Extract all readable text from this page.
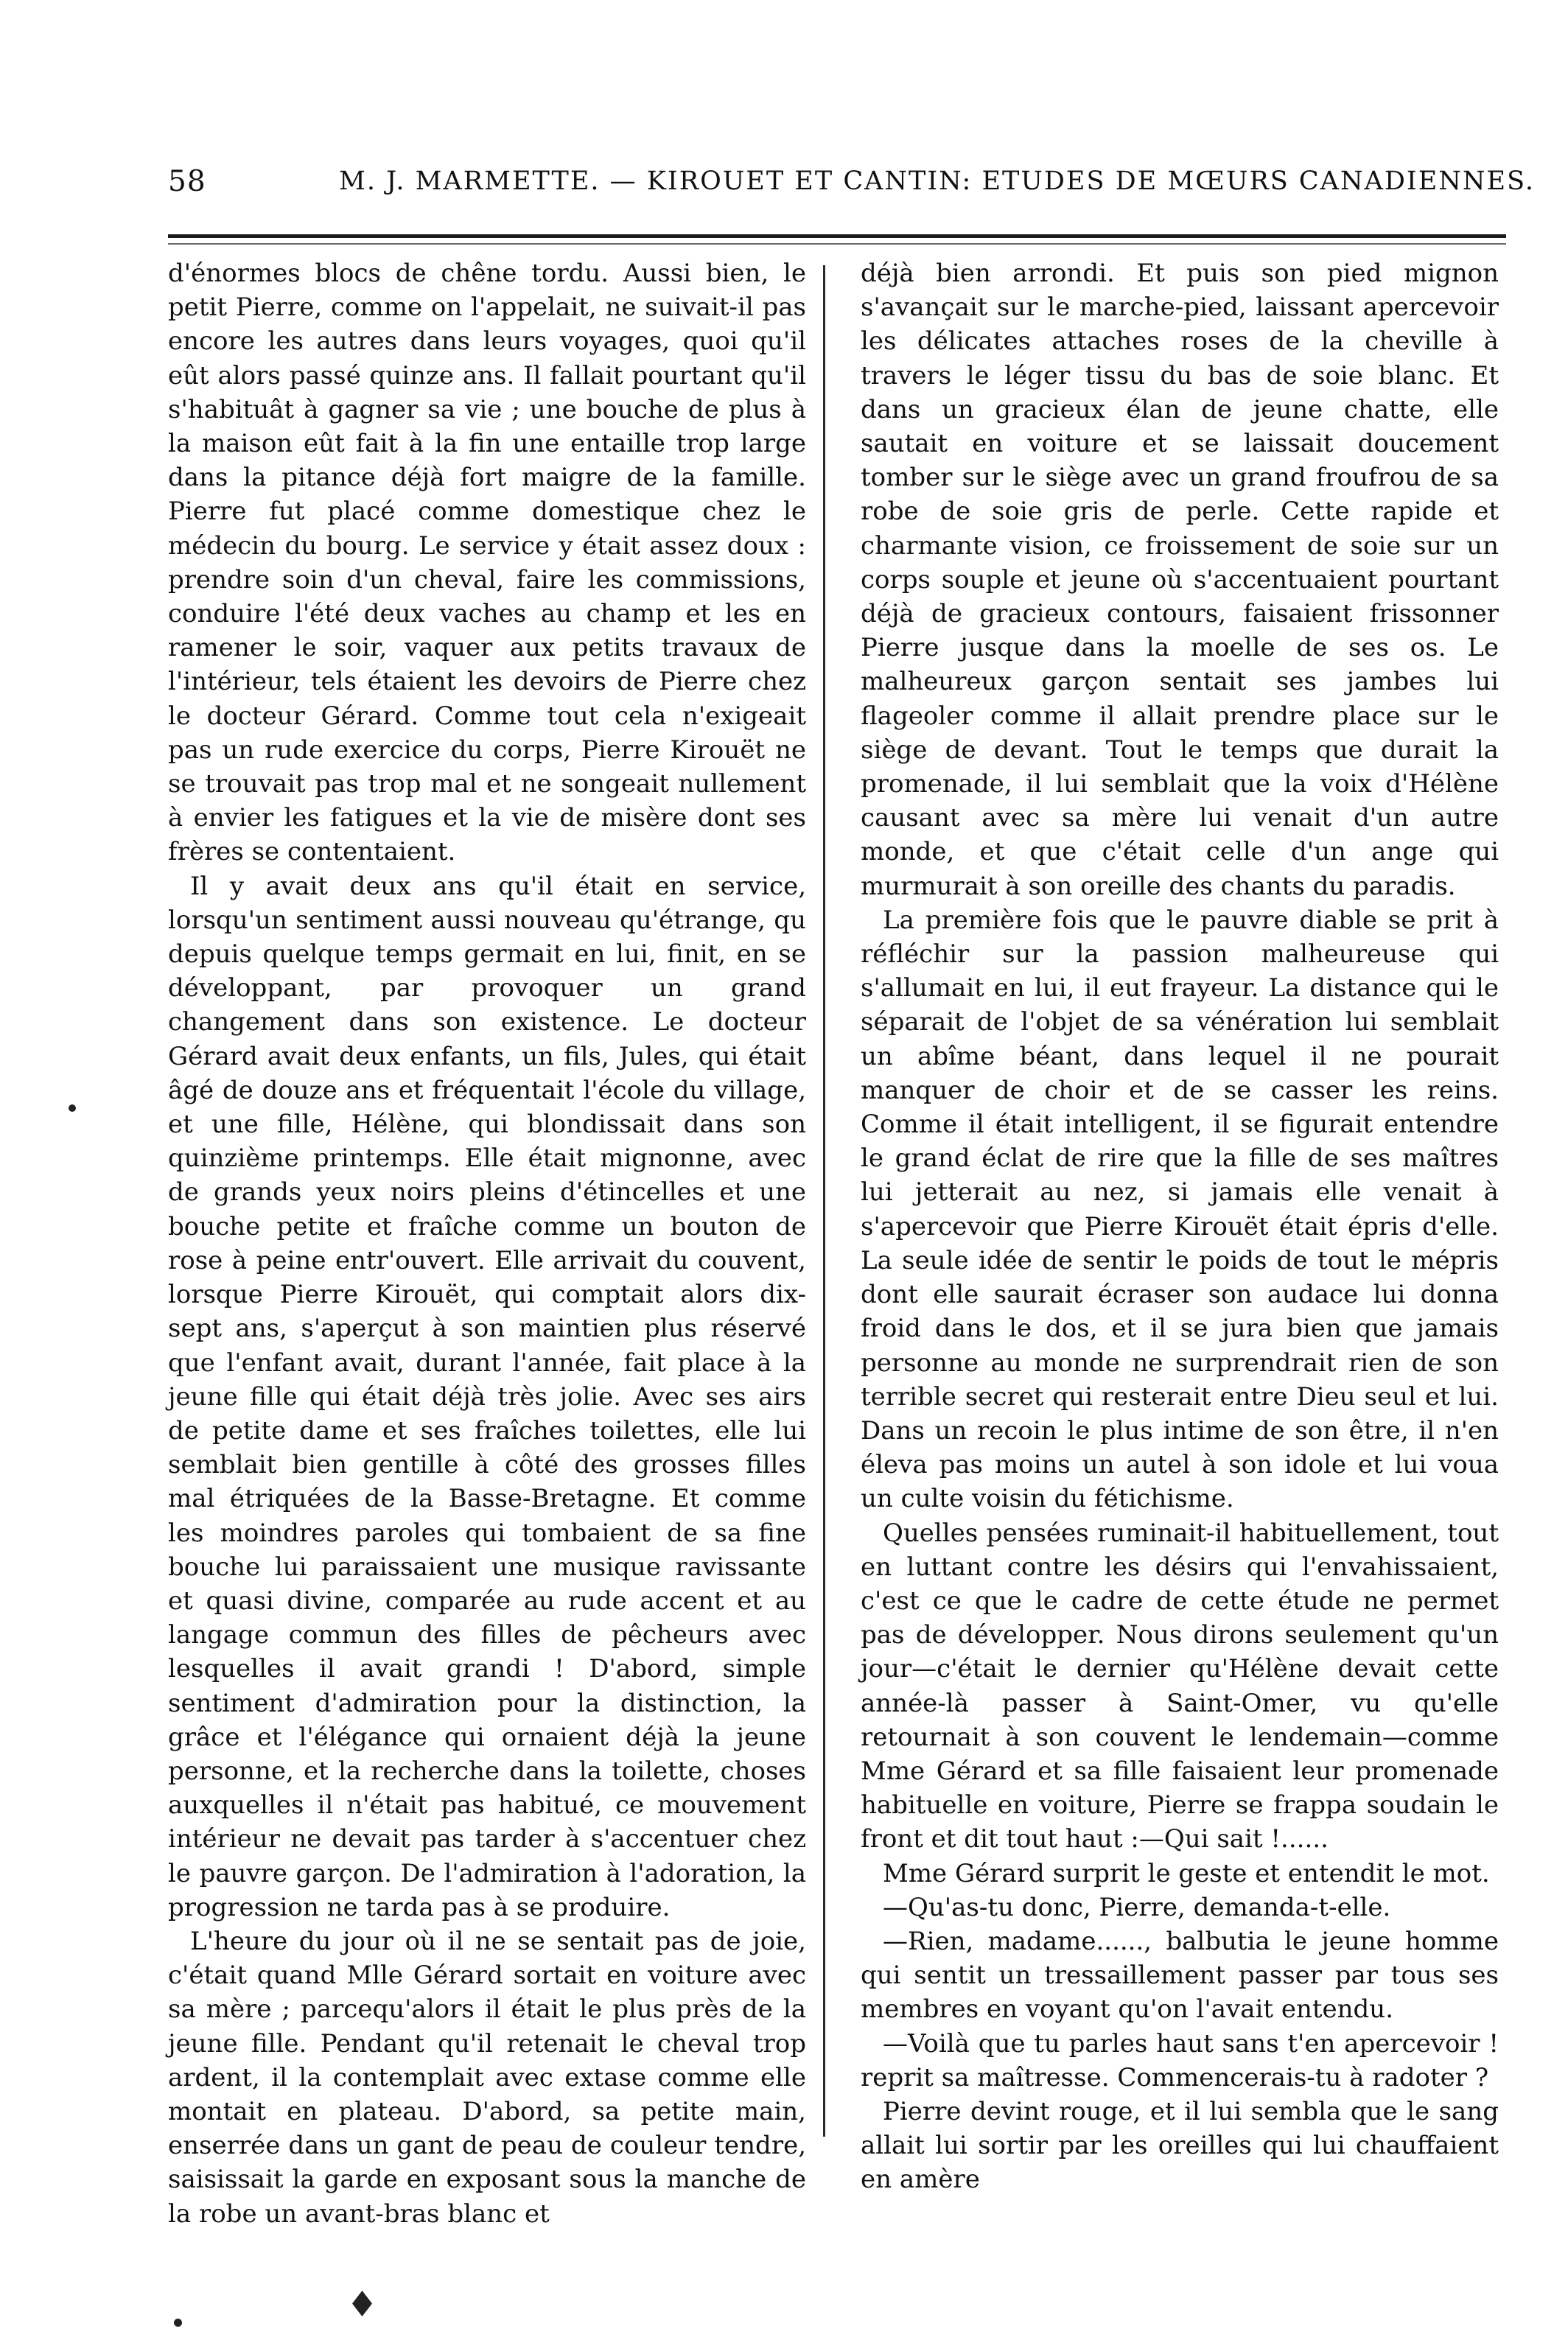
58	M. J. MARMETTE. — KIROUET ET CANTIN: ETUDES DE MŒURS CANADIENNES.

d'énormes blocs de chêne tordu. Aussi bien, le petit Pierre, comme on l'appelait, ne suivait-il pas encore les autres dans leurs voyages, quoi qu'il eût alors passé quinze ans. Il fallait pourtant qu'il s'habituât à gagner sa vie ; une bouche de plus à la maison eût fait à la fin une entaille trop large dans la pitance déjà fort maigre de la famille. Pierre fut placé comme domestique chez le médecin du bourg. Le service y était assez doux : prendre soin d'un cheval, faire les commissions, conduire l'été deux vaches au champ et les en ramener le soir, vaquer aux petits travaux de l'intérieur, tels étaient les devoirs de Pierre chez le docteur Gérard. Comme tout cela n'exigeait pas un rude exercice du corps, Pierre Kirouët ne se trouvait pas trop mal et ne songeait nullement à envier les fatigues et la vie de misère dont ses frères se contentaient.

Il y avait deux ans qu'il était en service, lorsqu'un sentiment aussi nouveau qu'étrange, qu depuis quelque temps germait en lui, finit, en se développant, par provoquer un grand changement dans son existence. Le docteur Gérard avait deux enfants, un fils, Jules, qui était âgé de douze ans et fréquentait l'école du village, et une fille, Hélène, qui blondissait dans son quinzième printemps. Elle était mignonne, avec de grands yeux noirs pleins d'étincelles et une bouche petite et fraîche comme un bouton de rose à peine entr'ouvert. Elle arrivait du couvent, lorsque Pierre Kirouët, qui comptait alors dix-sept ans, s'aperçut à son maintien plus réservé que l'enfant avait, durant l'année, fait place à la jeune fille qui était déjà très jolie. Avec ses airs de petite dame et ses fraîches toilettes, elle lui semblait bien gentille à côté des grosses filles mal étriquées de la Basse-Bretagne. Et comme les moindres paroles qui tombaient de sa fine bouche lui paraissaient une musique ravissante et quasi divine, comparée au rude accent et au langage commun des filles de pêcheurs avec lesquelles il avait grandi ! D'abord, simple sentiment d'admiration pour la distinction, la grâce et l'élégance qui ornaient déjà la jeune personne, et la recherche dans la toilette, choses auxquelles il n'était pas habitué, ce mouvement intérieur ne devait pas tarder à s'accentuer chez le pauvre garçon. De l'admiration à l'adoration, la progression ne tarda pas à se produire.

L'heure du jour où il ne se sentait pas de joie, c'était quand Mlle Gérard sortait en voiture avec sa mère ; parcequ'alors il était le plus près de la jeune fille. Pendant qu'il retenait le cheval trop ardent, il la contemplait avec extase comme elle montait en plateau. D'abord, sa petite main, enserrée dans un gant de peau de couleur tendre, saisissait la garde en exposant sous la manche de la robe un avant-bras blanc et

déjà bien arrondi. Et puis son pied mignon s'avançait sur le marche-pied, laissant apercevoir les délicates attaches roses de la cheville à travers le léger tissu du bas de soie blanc. Et dans un gracieux élan de jeune chatte, elle sautait en voiture et se laissait doucement tomber sur le siège avec un grand froufrou de sa robe de soie gris de perle. Cette rapide et charmante vision, ce froissement de soie sur un corps souple et jeune où s'accentuaient pourtant déjà de gracieux contours, faisaient frissonner Pierre jusque dans la moelle de ses os. Le malheureux garçon sentait ses jambes lui flageoler comme il allait prendre place sur le siège de devant. Tout le temps que durait la promenade, il lui semblait que la voix d'Hélène causant avec sa mère lui venait d'un autre monde, et que c'était celle d'un ange qui murmurait à son oreille des chants du paradis.

La première fois que le pauvre diable se prit à réfléchir sur la passion malheureuse qui s'allumait en lui, il eut frayeur. La distance qui le séparait de l'objet de sa vénération lui semblait un abîme béant, dans lequel il ne pourait manquer de choir et de se casser les reins. Comme il était intelligent, il se figurait entendre le grand éclat de rire que la fille de ses maîtres lui jetterait au nez, si jamais elle venait à s'apercevoir que Pierre Kirouët était épris d'elle. La seule idée de sentir le poids de tout le mépris dont elle saurait écraser son audace lui donna froid dans le dos, et il se jura bien que jamais personne au monde ne surprendrait rien de son terrible secret qui resterait entre Dieu seul et lui. Dans un recoin le plus intime de son être, il n'en éleva pas moins un autel à son idole et lui voua un culte voisin du fétichisme.

Quelles pensées ruminait-il habituellement, tout en luttant contre les désirs qui l'envahissaient, c'est ce que le cadre de cette étude ne permet pas de développer. Nous dirons seulement qu'un jour—c'était le dernier qu'Hélène devait cette année-là passer à Saint-Omer, vu qu'elle retournait à son couvent le lendemain—comme Mme Gérard et sa fille faisaient leur promenade habituelle en voiture, Pierre se frappa soudain le front et dit tout haut :—Qui sait !......

Mme Gérard surprit le geste et entendit le mot.

—Qu'as-tu donc, Pierre, demanda-t-elle.

—Rien, madame......, balbutia le jeune homme qui sentit un tressaillement passer par tous ses membres en voyant qu'on l'avait entendu.

—Voilà que tu parles haut sans t'en apercevoir ! reprit sa maîtresse. Commencerais-tu à radoter ?

Pierre devint rouge, et il lui sembla que le sang allait lui sortir par les oreilles qui lui chauffaient en amère

♦
